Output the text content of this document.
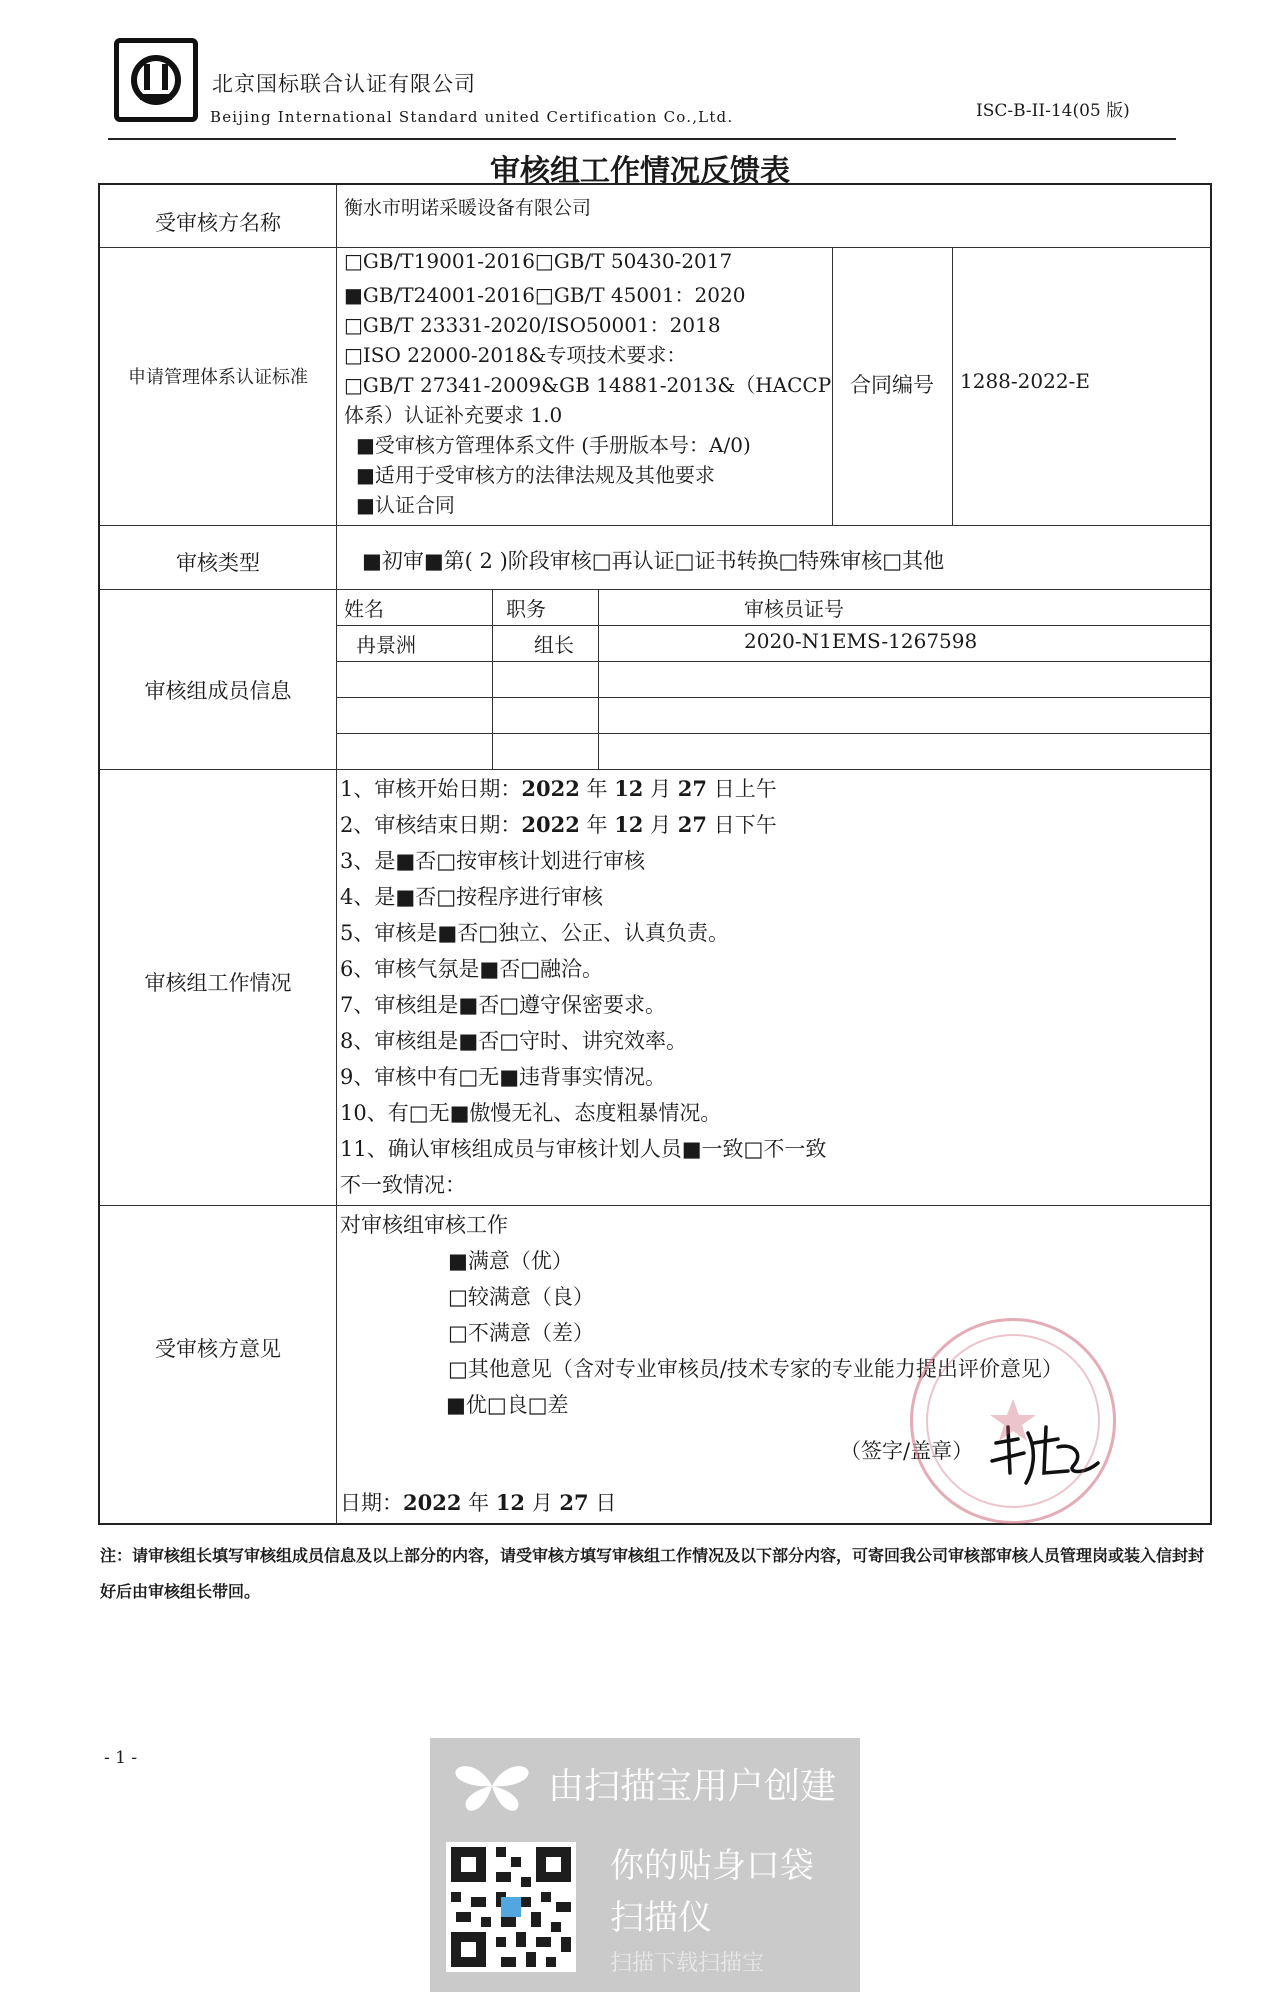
北京国标联合认证有限公司
Beijing International Standard united Certification Co.,Ltd.	ISC-B-II-14(05 版)
审核组工作情况反馈表
受审核方名称
衡水市明诺采暖设备有限公司
申请管理体系认证标准
□GB/T19001-2016□GB/T 50430-2017
■GB/T24001-2016□GB/T 45001：2020
□GB/T 23331-2020/ISO50001：2018
□ISO 22000-2018&专项技术要求：
□GB/T 27341-2009&GB 14881-2013&（HACCP
体系）认证补充要求 1.0
■受审核方管理体系文件 (手册版本号：A/0)
■适用于受审核方的法律法规及其他要求
■认证合同
合同编号	1288-2022-E
审核类型	■初审■第( 2 )阶段审核□再认证□证书转换□特殊审核□其他
审核组成员信息
姓名	职务	审核员证号
冉景洲	组长	2020-N1EMS-1267598
审核组工作情况
1、审核开始日期：2022 年 12 月 27 日上午
2、审核结束日期：2022 年 12 月 27 日下午
3、是■否□按审核计划进行审核
4、是■否□按程序进行审核
5、审核是■否□独立、公正、认真负责。
6、审核气氛是■否□融洽。
7、审核组是■否□遵守保密要求。
8、审核组是■否□守时、讲究效率。
9、审核中有□无■违背事实情况。
10、有□无■傲慢无礼、态度粗暴情况。
11、确认审核组成员与审核计划人员■一致□不一致
不一致情况：
受审核方意见
对审核组审核工作
■满意（优）
□较满意（良）
□不满意（差）
□其他意见（含对专业审核员/技术专家的专业能力提出评价意见）
■优□良□差
（签字/盖章）
日期：2022 年 12 月 27 日
注：请审核组长填写审核组成员信息及以上部分的内容，请受审核方填写审核组工作情况及以下部分内容，可寄回我公司审核部审核人员管理岗或装入信封封好后由审核组长带回。
- 1 -
由扫描宝用户创建
你的贴身口袋
扫描仪
扫描下载扫描宝
